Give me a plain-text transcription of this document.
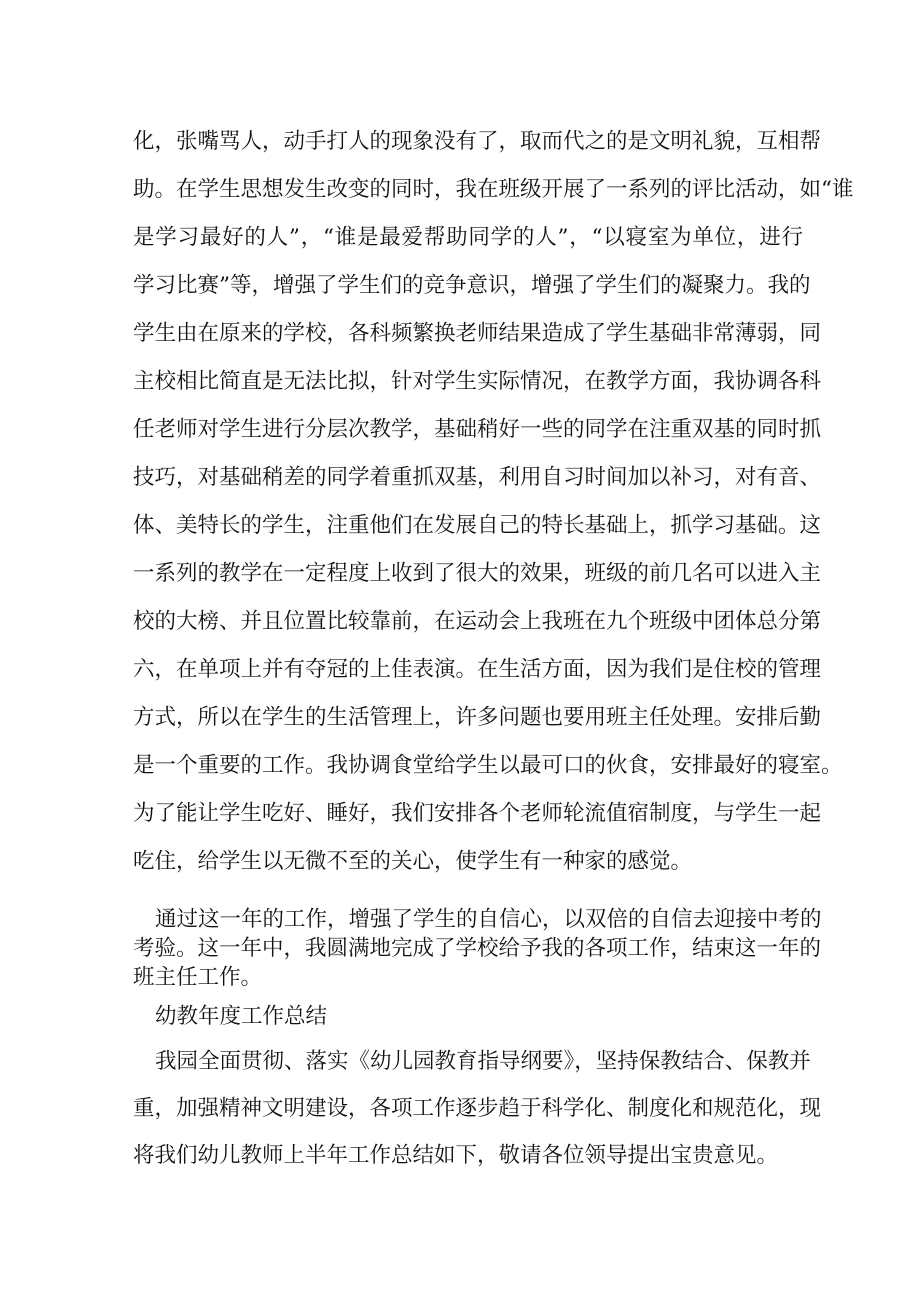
化，张嘴骂人，动手打人的现象没有了，取而代之的是文明礼貌，互相帮
助。在学生思想发生改变的同时，我在班级开展了一系列的评比活动，如“谁
是学习最好的人”，“谁是最爱帮助同学的人”，“以寝室为单位，进行
学习比赛”等，增强了学生们的竞争意识，增强了学生们的凝聚力。我的
学生由在原来的学校，各科频繁换老师结果造成了学生基础非常薄弱，同
主校相比简直是无法比拟，针对学生实际情况，在教学方面，我协调各科
任老师对学生进行分层次教学，基础稍好一些的同学在注重双基的同时抓
技巧，对基础稍差的同学着重抓双基，利用自习时间加以补习，对有音、
体、美特长的学生，注重他们在发展自己的特长基础上，抓学习基础。这
一系列的教学在一定程度上收到了很大的效果，班级的前几名可以进入主
校的大榜、并且位置比较靠前，在运动会上我班在九个班级中团体总分第
六，在单项上并有夺冠的上佳表演。在生活方面，因为我们是住校的管理
方式，所以在学生的生活管理上，许多问题也要用班主任处理。安排后勤
是一个重要的工作。我协调食堂给学生以最可口的伙食，安排最好的寝室。
为了能让学生吃好、睡好，我们安排各个老师轮流值宿制度，与学生一起
吃住，给学生以无微不至的关心，使学生有一种家的感觉。
通过这一年的工作，增强了学生的自信心，以双倍的自信去迎接中考的
考验。这一年中，我圆满地完成了学校给予我的各项工作，结束这一年的
班主任工作。
幼教年度工作总结
我园全面贯彻、落实《幼儿园教育指导纲要》，坚持保教结合、保教并
重，加强精神文明建设，各项工作逐步趋于科学化、制度化和规范化，现
将我们幼儿教师上半年工作总结如下，敬请各位领导提出宝贵意见。
